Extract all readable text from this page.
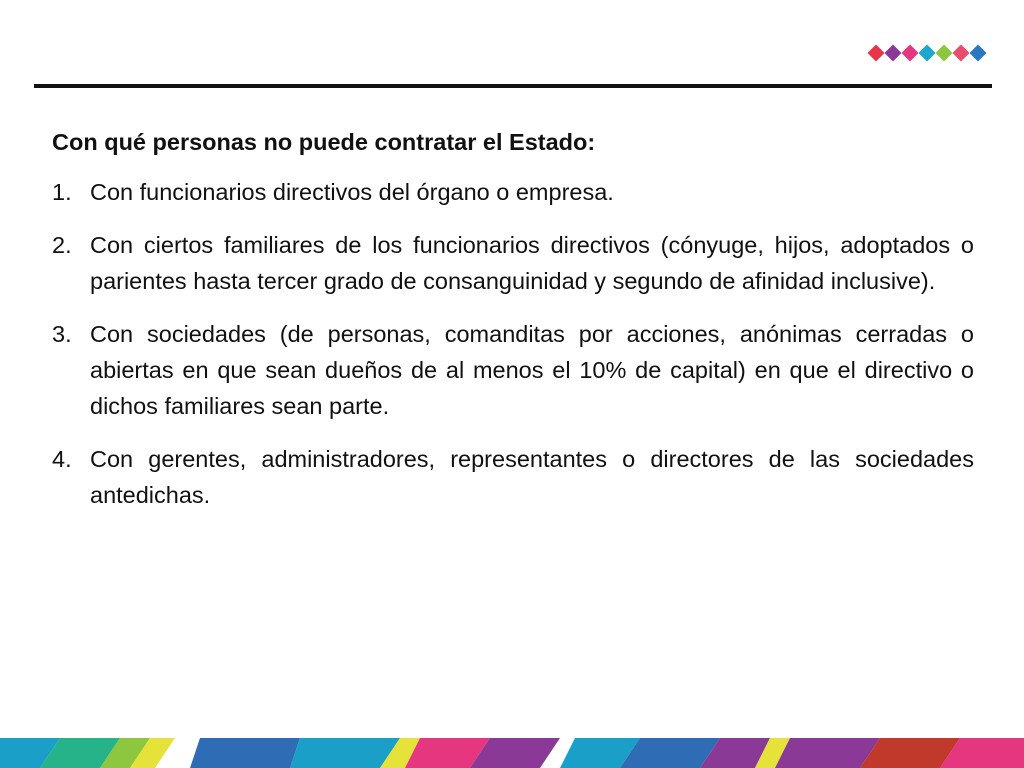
Con qué personas no puede contratar el Estado:
1. Con funcionarios directivos del órgano o empresa.
2. Con ciertos familiares de los funcionarios directivos (cónyuge, hijos, adoptados o parientes hasta tercer grado de consanguinidad y segundo de afinidad inclusive).
3. Con sociedades (de personas, comanditas por acciones, anónimas cerradas o abiertas en que sean dueños de al menos el 10% de capital) en que el directivo o dichos familiares sean parte.
4. Con gerentes, administradores, representantes o directores de las sociedades antedichas.
